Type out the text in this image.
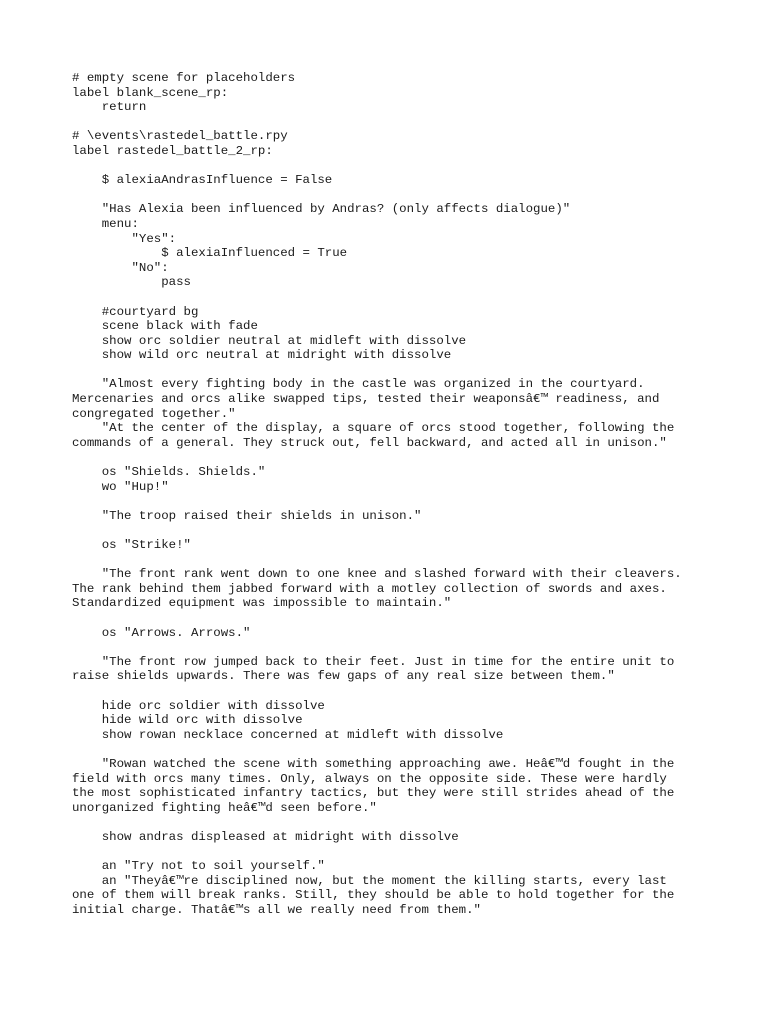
# empty scene for placeholders
label blank_scene_rp:
return
# \events\rastedel_battle.rpy
label rastedel_battle_2_rp:
$ alexiaAndrasInfluence = False
"Has Alexia been influenced by Andras? (only affects dialogue)"
menu:
"Yes":
$ alexiaInfluenced = True
"No":
pass
#courtyard bg
scene black with fade
show orc soldier neutral at midleft with dissolve
show wild orc neutral at midright with dissolve
"Almost every fighting body in the castle was organized in the courtyard.
Mercenaries and orcs alike swapped tips, tested their weaponsâ€™ readiness, and
congregated together."
"At the center of the display, a square of orcs stood together, following the
commands of a general. They struck out, fell backward, and acted all in unison."
os "Shields. Shields."
wo "Hup!"
"The troop raised their shields in unison."
os "Strike!"
"The front rank went down to one knee and slashed forward with their cleavers.
The rank behind them jabbed forward with a motley collection of swords and axes.
Standardized equipment was impossible to maintain."
os "Arrows. Arrows."
"The front row jumped back to their feet. Just in time for the entire unit to
raise shields upwards. There was few gaps of any real size between them."
hide orc soldier with dissolve
hide wild orc with dissolve
show rowan necklace concerned at midleft with dissolve
"Rowan watched the scene with something approaching awe. Heâ€™d fought in the
field with orcs many times. Only, always on the opposite side. These were hardly
the most sophisticated infantry tactics, but they were still strides ahead of the
unorganized fighting heâ€™d seen before."
show andras displeased at midright with dissolve
an "Try not to soil yourself."
an "Theyâ€™re disciplined now, but the moment the killing starts, every last
one of them will break ranks. Still, they should be able to hold together for the
initial charge. Thatâ€™s all we really need from them."
